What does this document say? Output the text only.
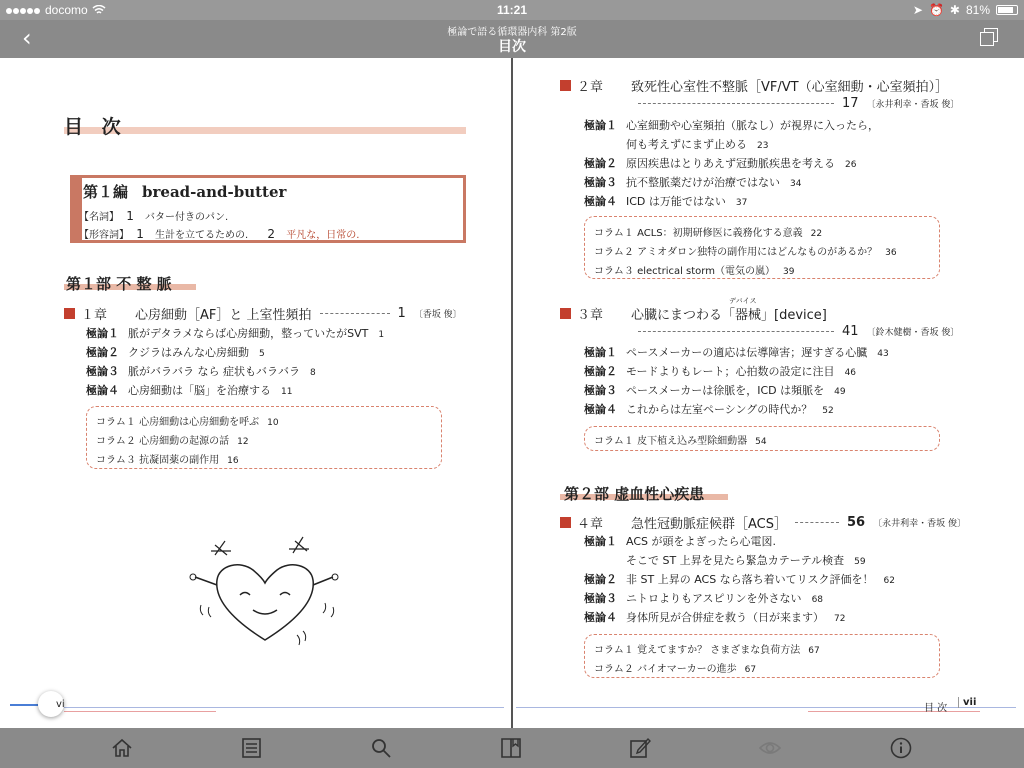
docomo	11:21	➤ ⏰ ✱ 81%
‹	極論で語る循環器内科 第2版
目次
目 次
第１編 bread-and-butter
【名詞】 1 バター付きのパン.
【形容詞】 1 生計を立てるための. 2 平凡な，日常の.
第１部 不 整 脈
１章 心房細動［AF］と 上室性頻拍	1 〔香坂 俊〕
極論１ 脈がデタラメならば心房細動，整っていたがSVT 1
極論２ クジラはみんな心房細動 5
極論３ 脈がバラバラ なら 症状もバラバラ 8
極論４ 心房細動は「脳」を治療する 11
コラム１ 心房細動は心房細動を呼ぶ 10
コラム２ 心房細動の起源の話 12
コラム３ 抗凝固薬の副作用 16
vi
２章 致死性心室性不整脈［VF/VT（心室細動・心室頻拍）］
17 〔永井利幸・香坂 俊〕
極論１ 心室細動や心室頻拍（脈なし）が視界に入ったら，
何も考えずにまず止める 23
極論２ 原因疾患はとりあえず冠動脈疾患を考える 26
極論３ 抗不整脈薬だけが治療ではない 34
極論４ ICD は万能ではない 37
コラム１ ACLS：初期研修医に義務化する意義 22
コラム２ アミオダロン独特の副作用にはどんなものがあるか？ 36
コラム３ electrical storm（電気の嵐） 39
デバイス
３章 心臓にまつわる「器械」[device]
41 〔鈴木健樹・香坂 俊〕
極論１ ペースメーカーの適応は伝導障害；遅すぎる心臓 43
極論２ モードよりもレート；心拍数の設定に注目 46
極論３ ペースメーカーは徐脈を，ICD は頻脈を 49
極論４ これからは左室ペーシングの時代か？ 52
コラム１ 皮下植え込み型除細動器 54
第２部 虚血性心疾患
４章 急性冠動脈症候群［ACS］	56 〔永井利幸・香坂 俊〕
極論１ ACS が頭をよぎったら心電図.
そこで ST 上昇を見たら緊急カテーテル検査 59
極論２ 非 ST 上昇の ACS なら落ち着いてリスク評価を！ 62
極論３ ニトロよりもアスピリンを外さない 68
極論４ 身体所見が合併症を救う（日が来ます） 72
コラム１ 覚えてますか？ さまざまな負荷方法 67
コラム２ バイオマーカーの進歩 67
目 次
vii
